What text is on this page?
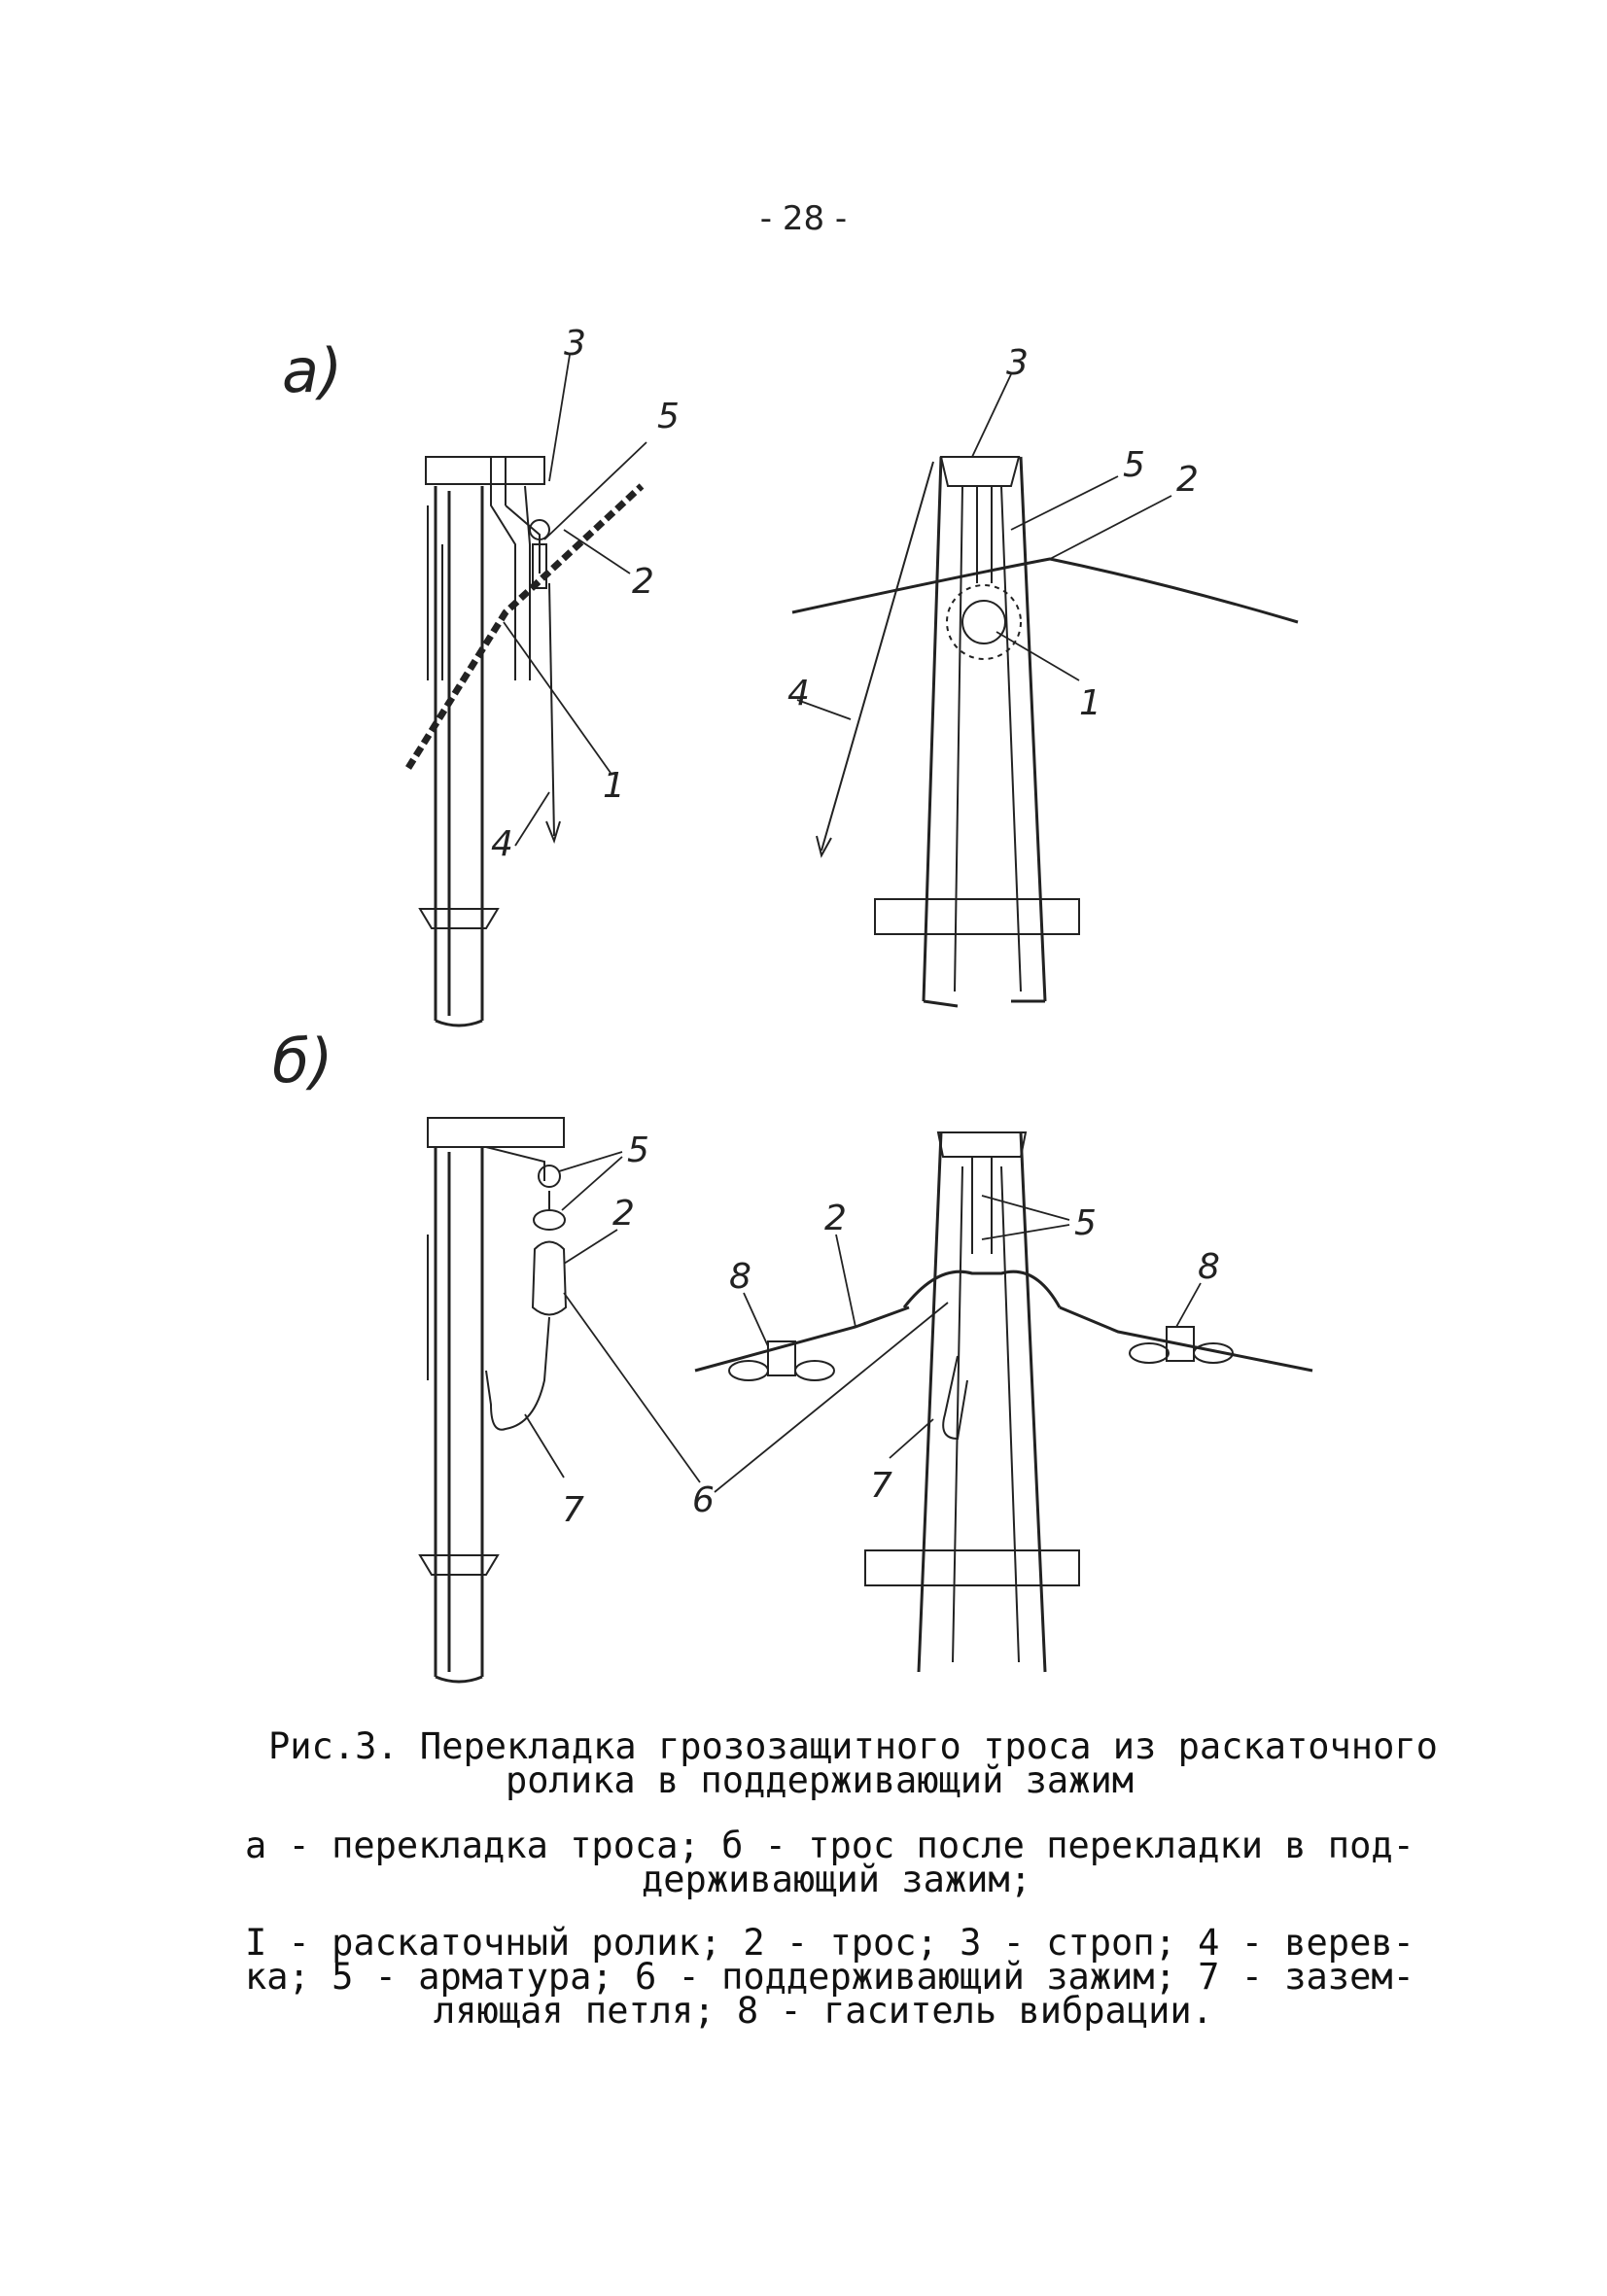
- 28 -
а)
б)
3
5
2
1
4
3
5 2
1
4
5
2
7
2	5
8	8
7
6
Рис.3. Перекладка грозозащитного троса из раскаточного
ролика в поддерживающий зажим
а - перекладка троса; б - трос после перекладки в под-
держивающий зажим;
I - раскаточный ролик; 2 - трос; 3 - строп; 4 - верев-
ка; 5 - арматура; 6 - поддерживающий зажим; 7 - зазем-
ляющая петля; 8 - гаситель вибрации.
